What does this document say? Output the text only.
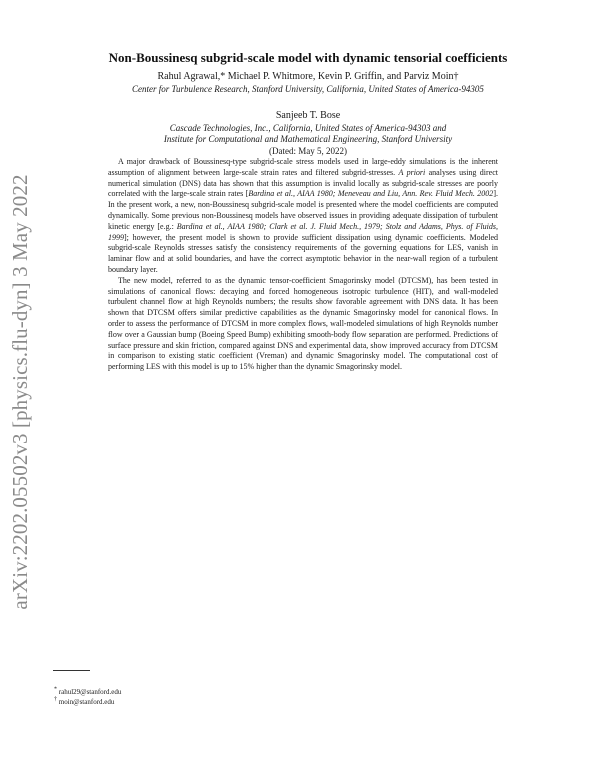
arXiv:2202.05502v3 [physics.flu-dyn] 3 May 2022
Non-Boussinesq subgrid-scale model with dynamic tensorial coefficients
Rahul Agrawal,* Michael P. Whitmore, Kevin P. Griffin, and Parviz Moin†
Center for Turbulence Research, Stanford University, California, United States of America-94305
Sanjeeb T. Bose
Cascade Technologies, Inc., California, United States of America-94303 and
Institute for Computational and Mathematical Engineering, Stanford University
(Dated: May 5, 2022)

A major drawback of Boussinesq-type subgrid-scale stress models used in large-eddy simulations is the inherent assumption of alignment between large-scale strain rates and filtered subgrid-stresses. A priori analyses using direct numerical simulation (DNS) data has shown that this assumption is invalid locally as subgrid-scale stresses are poorly correlated with the large-scale strain rates [Bardina et al., AIAA 1980; Meneveau and Liu, Ann. Rev. Fluid Mech. 2002]. In the present work, a new, non-Boussinesq subgrid-scale model is presented where the model coefficients are computed dynamically. Some previous non-Boussinesq models have observed issues in providing adequate dissipation of turbulent kinetic energy [e.g.: Bardina et al., AIAA 1980; Clark et al. J. Fluid Mech., 1979; Stolz and Adams, Phys. of Fluids, 1999]; however, the present model is shown to provide sufficient dissipation using dynamic coefficients. Modeled subgrid-scale Reynolds stresses satisfy the consistency requirements of the governing equations for LES, vanish in laminar flow and at solid boundaries, and have the correct asymptotic behavior in the near-wall region of a turbulent boundary layer.

The new model, referred to as the dynamic tensor-coefficient Smagorinsky model (DTCSM), has been tested in simulations of canonical flows: decaying and forced homogeneous isotropic turbulence (HIT), and wall-modeled turbulent channel flow at high Reynolds numbers; the results show favorable agreement with DNS data. It has been shown that DTCSM offers similar predictive capabilities as the dynamic Smagorinsky model for canonical flows. In order to assess the performance of DTCSM in more complex flows, wall-modeled simulations of high Reynolds number flow over a Gaussian bump (Boeing Speed Bump) exhibiting smooth-body flow separation are performed. Predictions of surface pressure and skin friction, compared against DNS and experimental data, show improved accuracy from DTCSM in comparison to existing static coefficient (Vreman) and dynamic Smagorinsky model. The computational cost of performing LES with this model is up to 15% higher than the dynamic Smagorinsky model.

* rahul29@stanford.edu
† moin@stanford.edu
